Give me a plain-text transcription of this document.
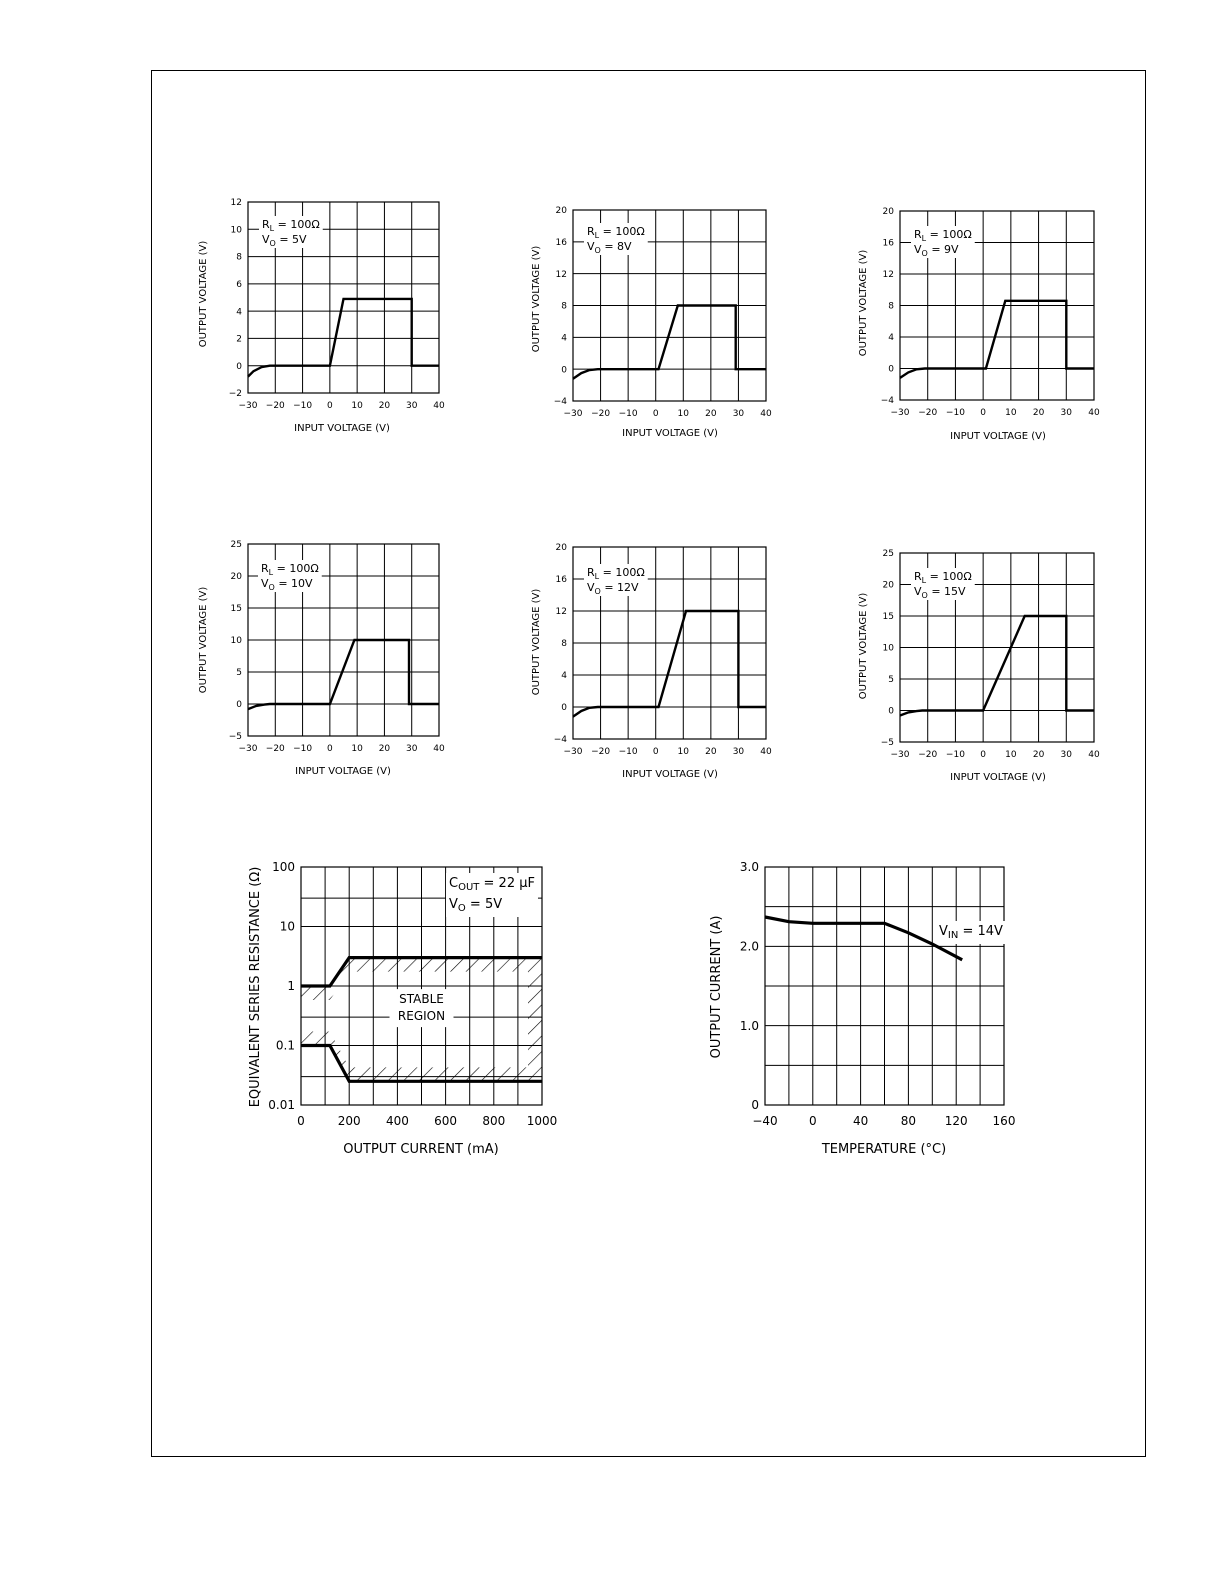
OUTPUT VOLTAGE (V)
INPUT VOLTAGE (V)
−30 −20 −10 0 10 20 30 40
−2
0
2
4
6
8
10
12
$R_L = 100\Omega$
$V_O = 5V$
OUTPUT VOLTAGE (V)
INPUT VOLTAGE (V)
−30 −20 −10 0 10 20 30 40
−4
0
4
8
12
16
20
$R_L = 100\Omega$
$V_O = 8V$
OUTPUT VOLTAGE (V)
INPUT VOLTAGE (V)
−30 −20 −10 0 10 20 30 40
−4
0
4
8
12
16
20
$R_L = 100\Omega$
$V_O = 9V$
OUTPUT VOLTAGE (V)
INPUT VOLTAGE (V)
−30 −20 −10 0 10 20 30 40
−5
0
5
10
15
20
25
$R_L = 100\Omega$
$V_O = 10V$
OUTPUT VOLTAGE (V)
INPUT VOLTAGE (V)
−30 −20 −10 0 10 20 30 40
−4
0
4
8
12
16
20
$R_L = 100\Omega$
$V_O = 12V$
OUTPUT VOLTAGE (V)
INPUT VOLTAGE (V)
−30 −20 −10 0 10 20 30 40
−5
0
5
10
15
20
25
$R_L = 100\Omega$
$V_O = 15V$
EQUIVALENT SERIES RESISTANCE (Ω)
OUTPUT CURRENT (mA)
0	200 400 600 800 1000
0.01
0.1
1
10
100
STABLE
REGION
$C_{OUT} = 22$ μF
$V_O = 5V$
OUTPUT CURRENT (A)
TEMPERATURE (°C)
−40	0	40	80 120 160
0
1.0
2.0
3.0
$V_{IN} = 14V$
